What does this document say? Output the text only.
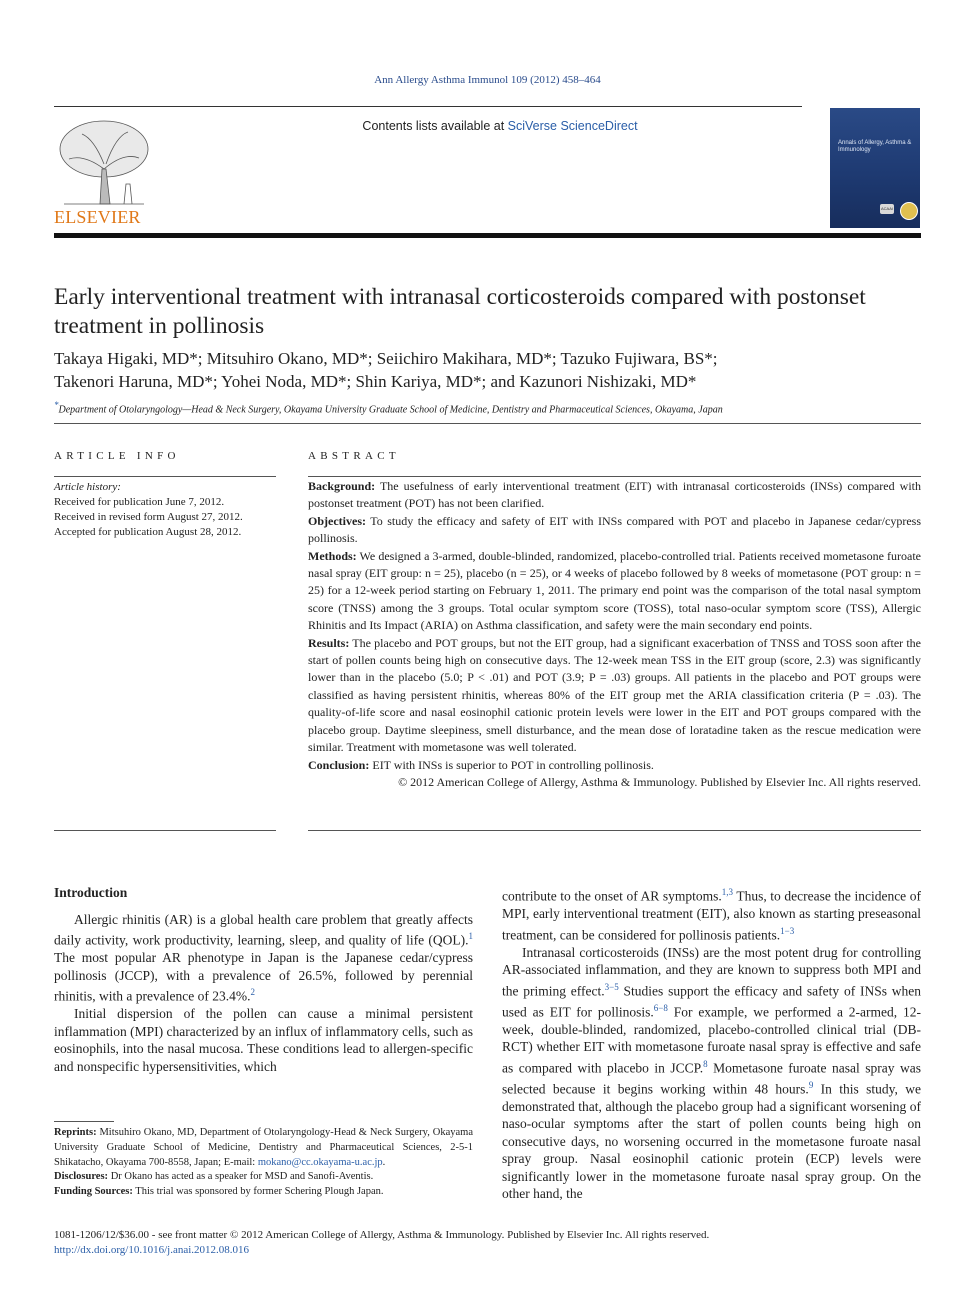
Ann Allergy Asthma Immunol 109 (2012) 458–464
Contents lists available at SciVerse ScienceDirect
ELSEVIER
Annals of Allergy, Asthma & Immunology
ACAAI
Early interventional treatment with intranasal corticosteroids compared with postonset treatment in pollinosis
Takaya Higaki, MD*; Mitsuhiro Okano, MD*; Seiichiro Makihara, MD*; Tazuko Fujiwara, BS*;
Takenori Haruna, MD*; Yohei Noda, MD*; Shin Kariya, MD*; and Kazunori Nishizaki, MD*
*Department of Otolaryngology—Head & Neck Surgery, Okayama University Graduate School of Medicine, Dentistry and Pharmaceutical Sciences, Okayama, Japan
ARTICLE INFO
Article history:
Received for publication June 7, 2012.
Received in revised form August 27, 2012.
Accepted for publication August 28, 2012.
ABSTRACT

Background: The usefulness of early interventional treatment (EIT) with intranasal corticosteroids (INSs) compared with postonset treatment (POT) has not been clarified.

Objectives: To study the efficacy and safety of EIT with INSs compared with POT and placebo in Japanese cedar/cypress pollinosis.

Methods: We designed a 3-armed, double-blinded, randomized, placebo-controlled trial. Patients received mometasone furoate nasal spray (EIT group: n = 25), placebo (n = 25), or 4 weeks of placebo followed by 8 weeks of mometasone (POT group: n = 25) for a 12-week period starting on February 1, 2011. The primary end point was the comparison of the total nasal symptom score (TNSS) among the 3 groups. Total ocular symptom score (TOSS), total naso-ocular symptom score (TSS), Allergic Rhinitis and Its Impact (ARIA) on Asthma classification, and safety were the main secondary end points.

Results: The placebo and POT groups, but not the EIT group, had a significant exacerbation of TNSS and TOSS soon after the start of pollen counts being high on consecutive days. The 12-week mean TSS in the EIT group (score, 2.3) was significantly lower than in the placebo (5.0; P < .01) and POT (3.9; P = .03) groups. All patients in the placebo and POT groups were classified as having persistent rhinitis, whereas 80% of the EIT group met the ARIA classification criteria (P = .03). The quality-of-life score and nasal eosinophil cationic protein levels were lower in the EIT and POT groups compared with the placebo group. Daytime sleepiness, smell disturbance, and the mean dose of loratadine taken as the rescue medication were similar. Treatment with mometasone was well tolerated.

Conclusion: EIT with INSs is superior to POT in controlling pollinosis.

© 2012 American College of Allergy, Asthma & Immunology. Published by Elsevier Inc. All rights reserved.

Introduction

Allergic rhinitis (AR) is a global health care problem that greatly affects daily activity, work productivity, learning, sleep, and quality of life (QOL).$^1$ The most popular AR phenotype in Japan is the Japanese cedar/cypress pollinosis (JCCP), with a prevalence of 26.5%, followed by perennial rhinitis, with a prevalence of 23.4%.$^2$

Initial dispersion of the pollen can cause a minimal persistent inflammation (MPI) characterized by an influx of inflammatory cells, such as eosinophils, into the nasal mucosa. These conditions lead to allergen-specific and nonspecific hypersensitivities, which

contribute to the onset of AR symptoms.$^{1,3}$ Thus, to decrease the incidence of MPI, early interventional treatment (EIT), also known as starting preseasonal treatment, can be considered for pollinosis patients.$^{1-3}$

Intranasal corticosteroids (INSs) are the most potent drug for controlling AR-associated inflammation, and they are known to suppress both MPI and the priming effect.$^{3-5}$ Studies support the efficacy and safety of INSs when used as EIT for pollinosis.$^{6-8}$ For example, we performed a 2-armed, 12-week, double-blinded, randomized, placebo-controlled clinical trial (DB-RCT) whether EIT with mometasone furoate nasal spray is effective and safe as compared with placebo in JCCP.$^8$ Mometasone furoate nasal spray was selected because it begins working within 48 hours.$^9$ In this study, we demonstrated that, although the placebo group had a significant worsening of naso-ocular symptoms after the start of pollen counts being high on consecutive days, no worsening occurred in the mometasone furoate nasal spray group. Nasal eosinophil cationic protein (ECP) levels were significantly lower in the mometasone furoate nasal spray group. On the other hand, the

Reprints: Mitsuhiro Okano, MD, Department of Otolaryngology-Head & Neck Surgery, Okayama University Graduate School of Medicine, Dentistry and Pharmaceutical Sciences, 2-5-1 Shikatacho, Okayama 700-8558, Japan; E-mail: mokano@cc.okayama-u.ac.jp.

Disclosures: Dr Okano has acted as a speaker for MSD and Sanofi-Aventis.

Funding Sources: This trial was sponsored by former Schering Plough Japan.

1081-1206/12/$36.00 - see front matter © 2012 American College of Allergy, Asthma & Immunology. Published by Elsevier Inc. All rights reserved.
http://dx.doi.org/10.1016/j.anai.2012.08.016
